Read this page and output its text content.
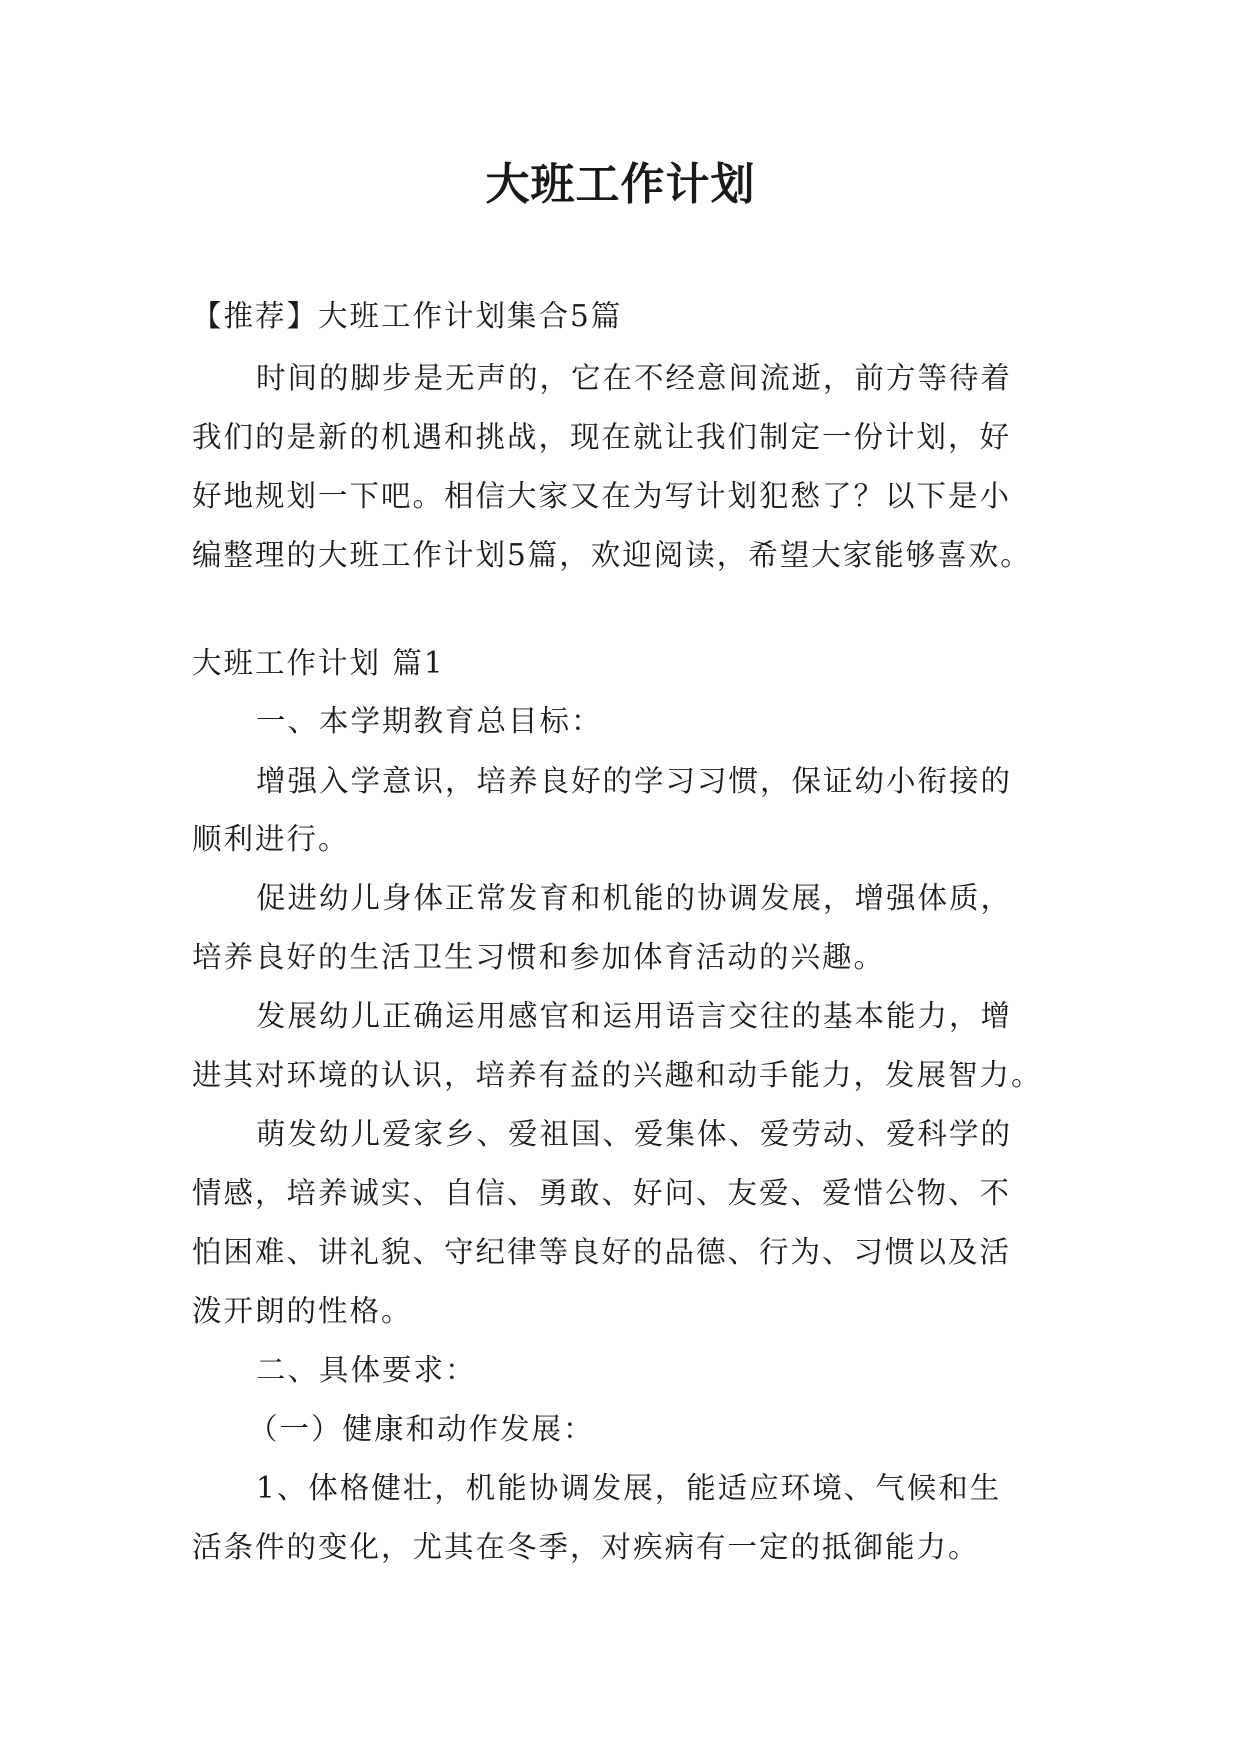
大班工作计划
【推荐】大班工作计划集合5篇
时间的脚步是无声的，它在不经意间流逝，前方等待着
我们的是新的机遇和挑战，现在就让我们制定一份计划，好
好地规划一下吧。相信大家又在为写计划犯愁了？以下是小
编整理的大班工作计划5篇，欢迎阅读，希望大家能够喜欢。
大班工作计划 篇1
一、本学期教育总目标：
增强入学意识，培养良好的学习习惯，保证幼小衔接的
顺利进行。
促进幼儿身体正常发育和机能的协调发展，增强体质，
培养良好的生活卫生习惯和参加体育活动的兴趣。
发展幼儿正确运用感官和运用语言交往的基本能力，增
进其对环境的认识，培养有益的兴趣和动手能力，发展智力。
萌发幼儿爱家乡、爱祖国、爱集体、爱劳动、爱科学的
情感，培养诚实、自信、勇敢、好问、友爱、爱惜公物、不
怕困难、讲礼貌、守纪律等良好的品德、行为、习惯以及活
泼开朗的性格。
二、具体要求：
（一）健康和动作发展：
1、体格健壮，机能协调发展，能适应环境、气候和生
活条件的变化，尤其在冬季，对疾病有一定的抵御能力。
